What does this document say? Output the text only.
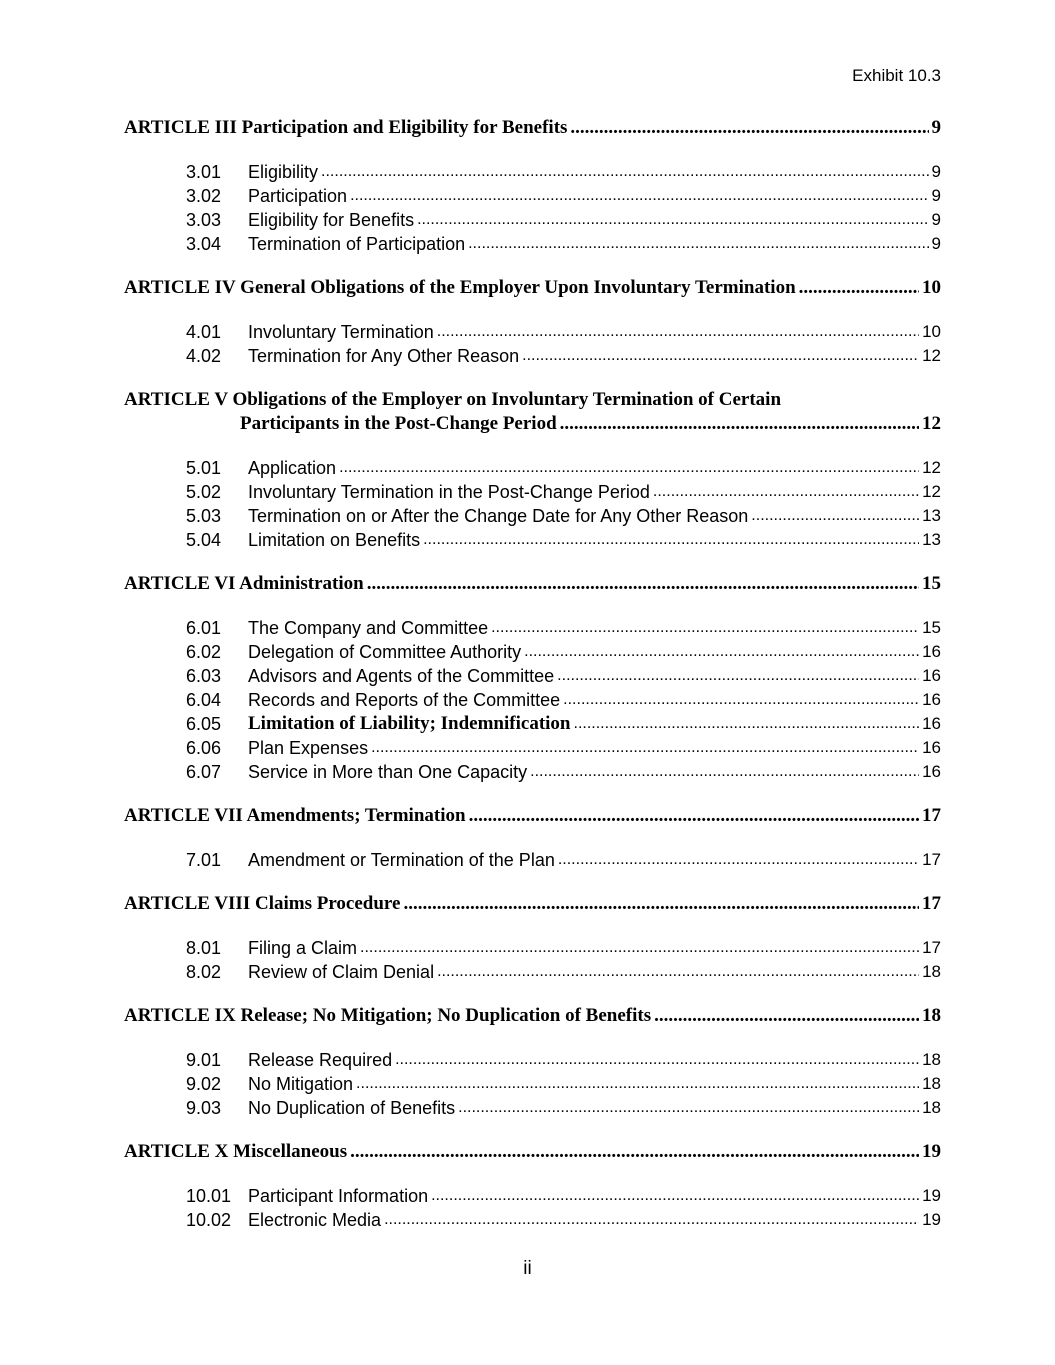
Exhibit 10.3
ARTICLE III Participation and Eligibility for Benefits .....	9
3.01	Eligibility .....	9
3.02	Participation .....	9
3.03	Eligibility for Benefits .....	9
3.04	Termination of Participation .....	9
ARTICLE IV General Obligations of the Employer Upon Involuntary Termination .....	10
4.01	Involuntary Termination .....	10
4.02	Termination for Any Other Reason .....	12
ARTICLE V Obligations of the Employer on Involuntary Termination of Certain
Participants in the Post-Change Period .....	12
5.01	Application .....	12
5.02	Involuntary Termination in the Post-Change Period .....	12
5.03	Termination on or After the Change Date for Any Other Reason .....	13
5.04	Limitation on Benefits .....	13
ARTICLE VI Administration .....	15
6.01	The Company and Committee .....	15
6.02	Delegation of Committee Authority .....	16
6.03	Advisors and Agents of the Committee .....	16
6.04	Records and Reports of the Committee .....	16
6.05	Limitation of Liability; Indemnification .....	16
6.06	Plan Expenses .....	16
6.07	Service in More than One Capacity .....	16
ARTICLE VII Amendments; Termination .....	17
7.01	Amendment or Termination of the Plan .....	17
ARTICLE VIII Claims Procedure .....	17
8.01	Filing a Claim .....	17
8.02	Review of Claim Denial .....	18
ARTICLE IX Release; No Mitigation; No Duplication of Benefits .....	18
9.01	Release Required .....	18
9.02	No Mitigation .....	18
9.03	No Duplication of Benefits .....	18
ARTICLE X Miscellaneous .....	19
10.01 Participant Information .....	19
10.02 Electronic Media .....	19
ii
